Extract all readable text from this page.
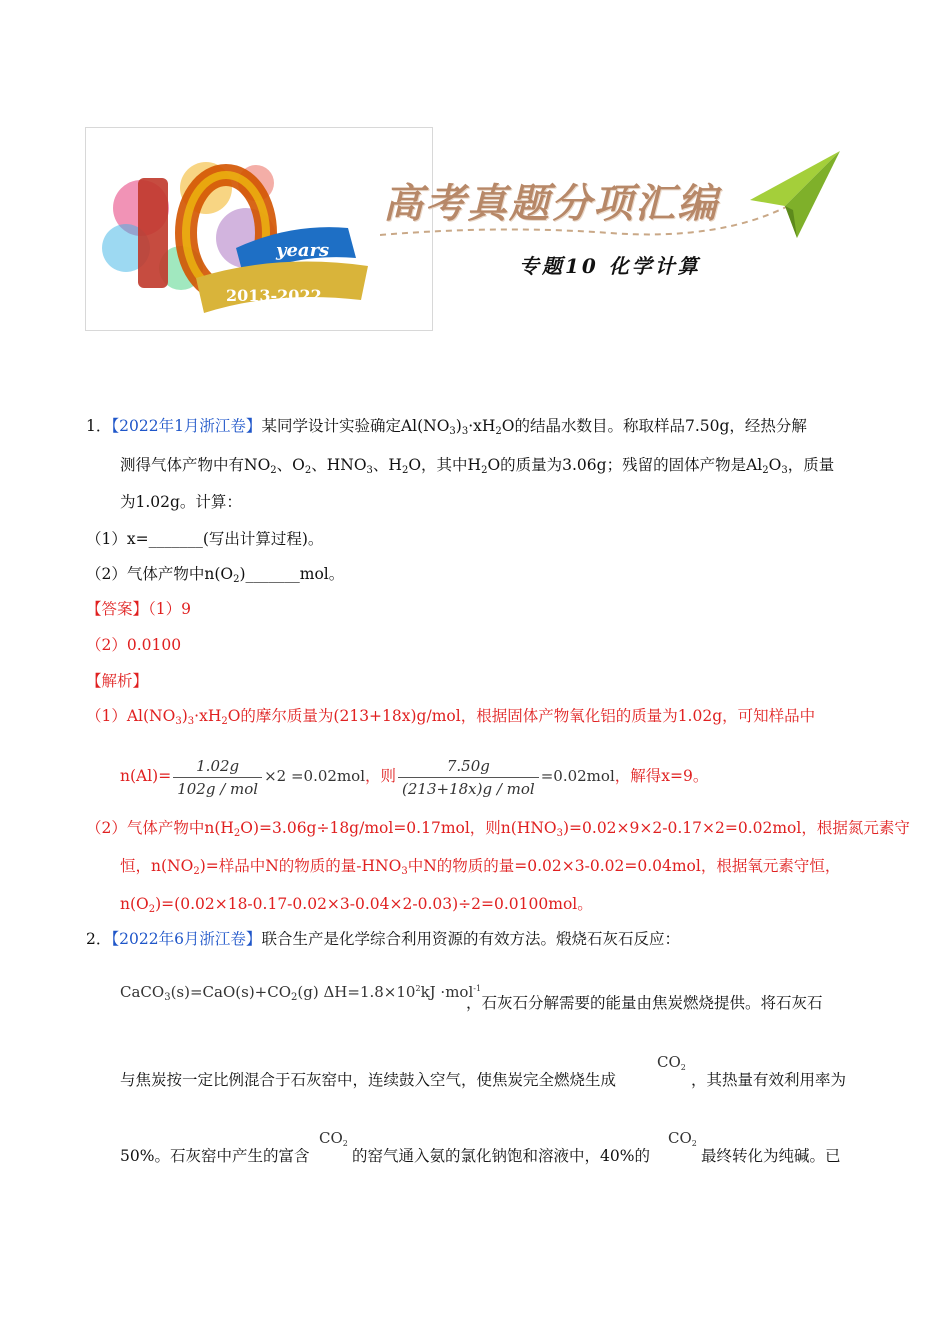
years
2013-2022
高考真题分项汇编
专题10 化学计算
1．【2022年1月浙江卷】某同学设计实验确定$Al(NO_3)_3\cdot xH_2O$的结晶水数目。称取样品7.50g，经热分解
测得气体产物中有$NO_2$、$O_2$、$HNO_3$、$H_2O$，其中$H_2O$的质量为3.06g；残留的固体产物是$Al_2O_3$，质量
为1.02g。计算：
（1）x=_______(写出计算过程)。
（2）气体产物中$n(O_2)\_\_\_\_\_\_\_mol$。
【答案】（1）9
（2）0.0100
【解析】
$(1)Al(NO_3)_3\cdot xH_2O$的摩尔质量为(213+18x)g/mol，根据固体产物氧化铝的质量为1.02g，可知样品中
$n(Al)= \frac{1.02g}{\text{102g / mol}} \times 2 =0.02mol$，则 $\frac{7.50g}{\text{(213+18x)g / mol}} =0.02mol$，解得x=9。
（2）气体产物中$n(H_2O)=3.06g\div 18g/mol=0.17mol$，则$n(HNO_3)=0.02\times 9\times 2-0.17\times 2=0.02mol$，根据氮元素守
恒，$n(NO_2)=$样品中N的物质的量$-HNO_3$中N的物质的量=0.02×3-0.02=0.04mol，根据氧元素守恒，
$n(O_2)=(0.02\times 18-0.17-0.02\times 3-0.04\times 2-0.03)\div 2=0.0100mol$。
2．【2022年6月浙江卷】联合生产是化学综合利用资源的有效方法。煅烧石灰石反应：
$CaCO_3(s)=CaO(s)+CO_2(g)$ $\Delta H=1.8\times 10^2kJ \cdot mol^{-1}$
，石灰石分解需要的能量由焦炭燃烧提供。将石灰石
与焦炭按一定比例混合于石灰窑中，连续鼓入空气，使焦炭完全燃烧生成
$CO_2$
，其热量有效利用率为
50%。石灰窑中产生的富含
$CO_2$
的窑气通入氨的氯化钠饱和溶液中，40%的
$CO_2$
最终转化为纯碱。已
